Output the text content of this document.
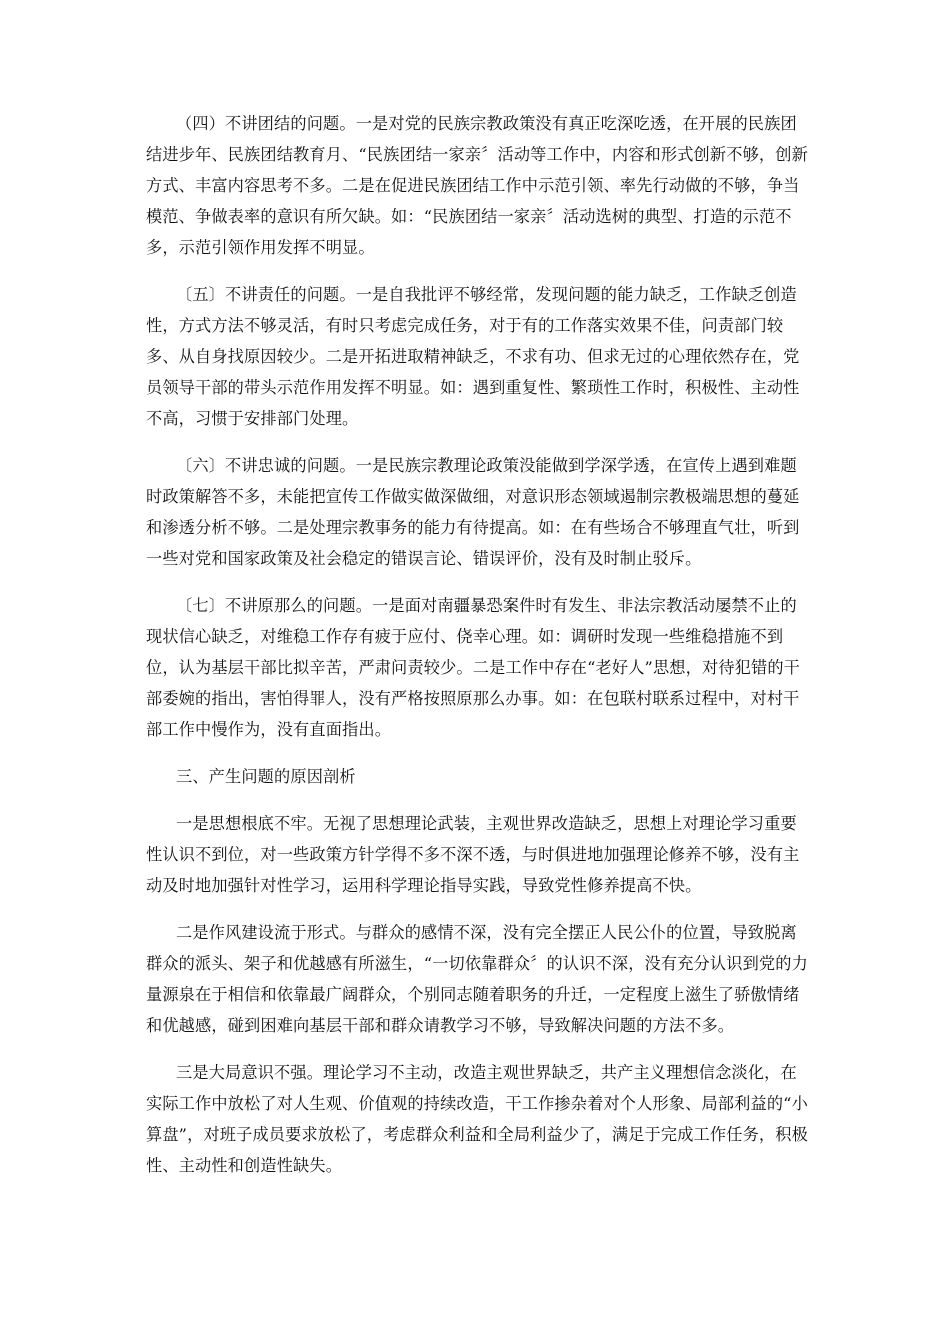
（四）不讲团结的问题。一是对党的民族宗教政策没有真正吃深吃透，在开展的民族团结进步年、民族团结教育月、“民族团结一家亲〞活动等工作中，内容和形式创新不够，创新方式、丰富内容思考不多。二是在促进民族团结工作中示范引领、率先行动做的不够，争当模范、争做表率的意识有所欠缺。如：“民族团结一家亲〞活动选树的典型、打造的示范不多，示范引领作用发挥不明显。

〔五〕不讲责任的问题。一是自我批评不够经常，发现问题的能力缺乏，工作缺乏创造性，方式方法不够灵活，有时只考虑完成任务，对于有的工作落实效果不佳，问责部门较多、从自身找原因较少。二是开拓进取精神缺乏，不求有功、但求无过的心理依然存在，党员领导干部的带头示范作用发挥不明显。如：遇到重复性、繁琐性工作时，积极性、主动性不高，习惯于安排部门处理。

〔六〕不讲忠诚的问题。一是民族宗教理论政策没能做到学深学透，在宣传上遇到难题时政策解答不多，未能把宣传工作做实做深做细，对意识形态领域遏制宗教极端思想的蔓延和渗透分析不够。二是处理宗教事务的能力有待提高。如：在有些场合不够理直气壮，听到一些对党和国家政策及社会稳定的错误言论、错误评价，没有及时制止驳斥。

〔七〕不讲原那么的问题。一是面对南疆暴恐案件时有发生、非法宗教活动屡禁不止的现状信心缺乏，对维稳工作存有疲于应付、侥幸心理。如：调研时发现一些维稳措施不到位，认为基层干部比拟辛苦，严肃问责较少。二是工作中存在“老好人”思想，对待犯错的干部委婉的指出，害怕得罪人，没有严格按照原那么办事。如：在包联村联系过程中，对村干部工作中慢作为，没有直面指出。

三、产生问题的原因剖析

一是思想根底不牢。无视了思想理论武装，主观世界改造缺乏，思想上对理论学习重要性认识不到位，对一些政策方针学得不多不深不透，与时俱进地加强理论修养不够，没有主动及时地加强针对性学习，运用科学理论指导实践，导致党性修养提高不快。

二是作风建设流于形式。与群众的感情不深，没有完全摆正人民公仆的位置，导致脱离群众的派头、架子和优越感有所滋生，“一切依靠群众〞的认识不深，没有充分认识到党的力量源泉在于相信和依靠最广阔群众，个别同志随着职务的升迁，一定程度上滋生了骄傲情绪和优越感，碰到困难向基层干部和群众请教学习不够，导致解决问题的方法不多。

三是大局意识不强。理论学习不主动，改造主观世界缺乏，共产主义理想信念淡化，在实际工作中放松了对人生观、价值观的持续改造，干工作掺杂着对个人形象、局部利益的“小算盘”，对班子成员要求放松了，考虑群众利益和全局利益少了，满足于完成工作任务，积极性、主动性和创造性缺失。
